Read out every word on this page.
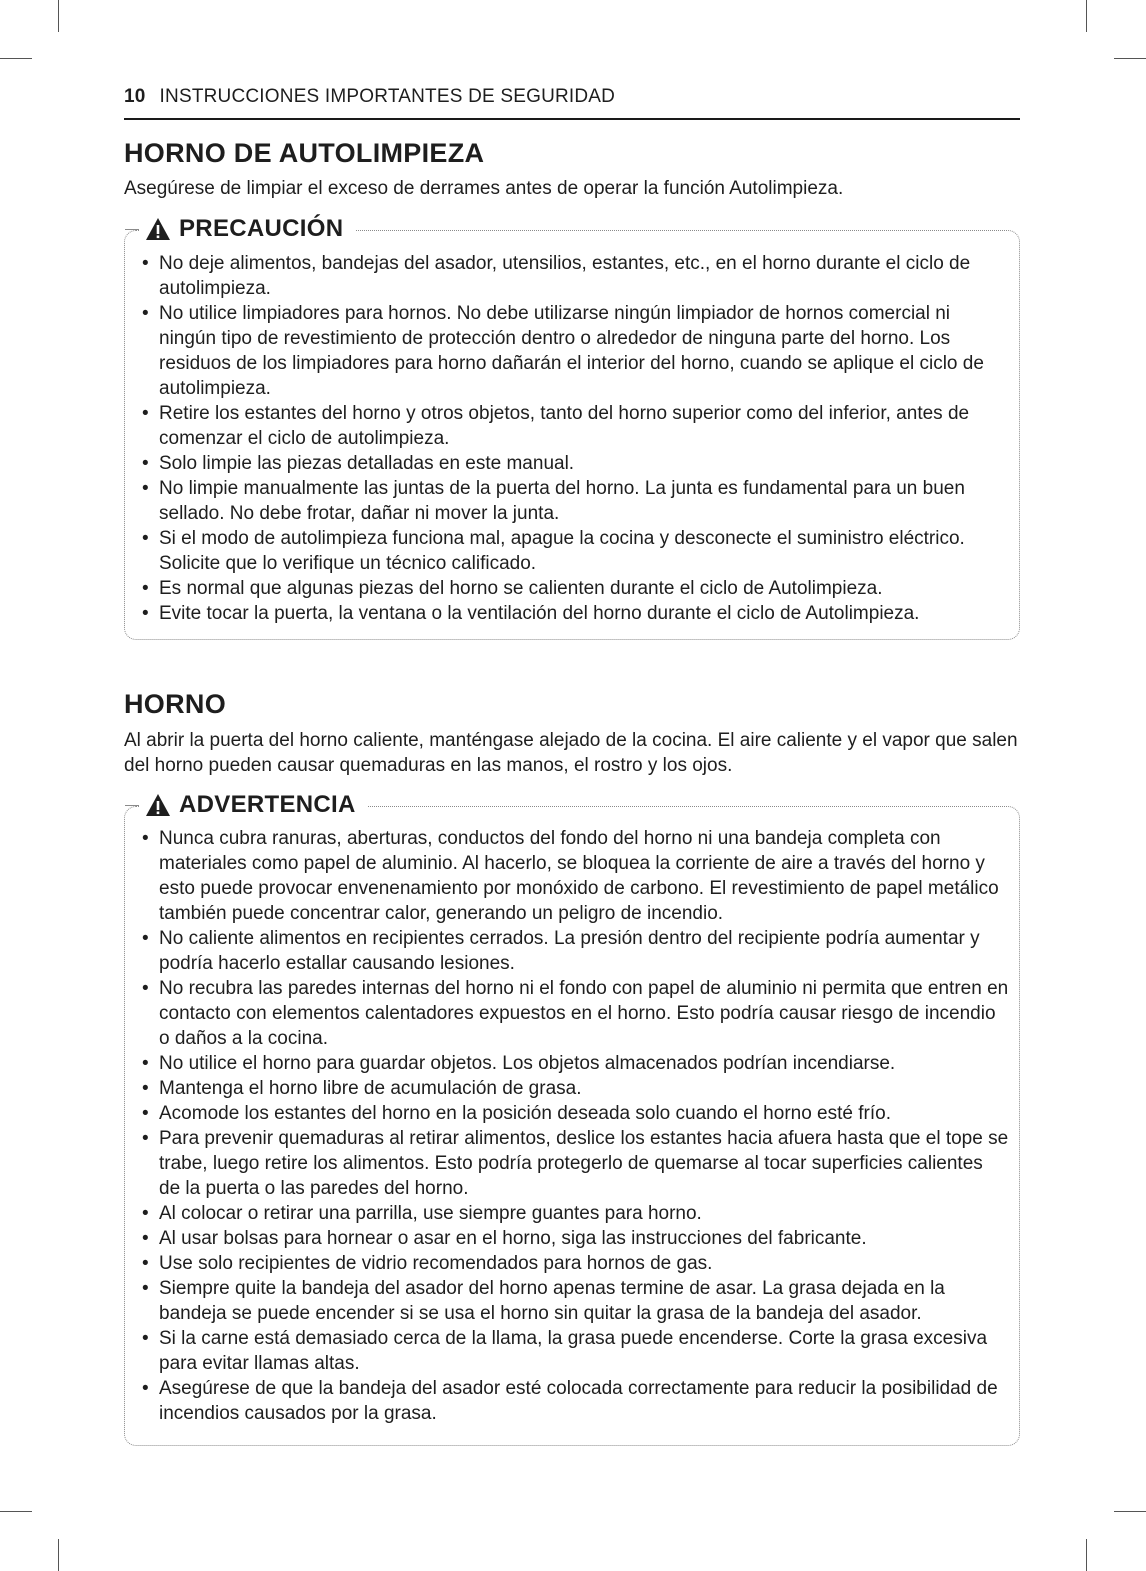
10 INSTRUCCIONES IMPORTANTES DE SEGURIDAD
HORNO DE AUTOLIMPIEZA

Asegúrese de limpiar el exceso de derrames antes de operar la función Autolimpieza.

PRECAUCIÓN
• No deje alimentos, bandejas del asador, utensilios, estantes, etc., en el horno durante el ciclo de autolimpieza.
• No utilice limpiadores para hornos. No debe utilizarse ningún limpiador de hornos comercial ni ningún tipo de revestimiento de protección dentro o alrededor de ninguna parte del horno. Los residuos de los limpiadores para horno dañarán el interior del horno, cuando se aplique el ciclo de autolimpieza.
• Retire los estantes del horno y otros objetos, tanto del horno superior como del inferior, antes de comenzar el ciclo de autolimpieza.
• Solo limpie las piezas detalladas en este manual.
• No limpie manualmente las juntas de la puerta del horno. La junta es fundamental para un buen sellado. No debe frotar, dañar ni mover la junta.
• Si el modo de autolimpieza funciona mal, apague la cocina y desconecte el suministro eléctrico. Solicite que lo verifique un técnico calificado.
• Es normal que algunas piezas del horno se calienten durante el ciclo de Autolimpieza.
• Evite tocar la puerta, la ventana o la ventilación del horno durante el ciclo de Autolimpieza.
HORNO

Al abrir la puerta del horno caliente, manténgase alejado de la cocina. El aire caliente y el vapor que salen del horno pueden causar quemaduras en las manos, el rostro y los ojos.

ADVERTENCIA
• Nunca cubra ranuras, aberturas, conductos del fondo del horno ni una bandeja completa con materiales como papel de aluminio. Al hacerlo, se bloquea la corriente de aire a través del horno y esto puede provocar envenenamiento por monóxido de carbono. El revestimiento de papel metálico también puede concentrar calor, generando un peligro de incendio.
• No caliente alimentos en recipientes cerrados. La presión dentro del recipiente podría aumentar y podría hacerlo estallar causando lesiones.
• No recubra las paredes internas del horno ni el fondo con papel de aluminio ni permita que entren en contacto con elementos calentadores expuestos en el horno. Esto podría causar riesgo de incendio o daños a la cocina.
• No utilice el horno para guardar objetos. Los objetos almacenados podrían incendiarse.
• Mantenga el horno libre de acumulación de grasa.
• Acomode los estantes del horno en la posición deseada solo cuando el horno esté frío.
• Para prevenir quemaduras al retirar alimentos, deslice los estantes hacia afuera hasta que el tope se trabe, luego retire los alimentos. Esto podría protegerlo de quemarse al tocar superficies calientes de la puerta o las paredes del horno.
• Al colocar o retirar una parrilla, use siempre guantes para horno.
• Al usar bolsas para hornear o asar en el horno, siga las instrucciones del fabricante.
• Use solo recipientes de vidrio recomendados para hornos de gas.
• Siempre quite la bandeja del asador del horno apenas termine de asar. La grasa dejada en la bandeja se puede encender si se usa el horno sin quitar la grasa de la bandeja del asador.
• Si la carne está demasiado cerca de la llama, la grasa puede encenderse. Corte la grasa excesiva para evitar llamas altas.
• Asegúrese de que la bandeja del asador esté colocada correctamente para reducir la posibilidad de incendios causados por la grasa.
